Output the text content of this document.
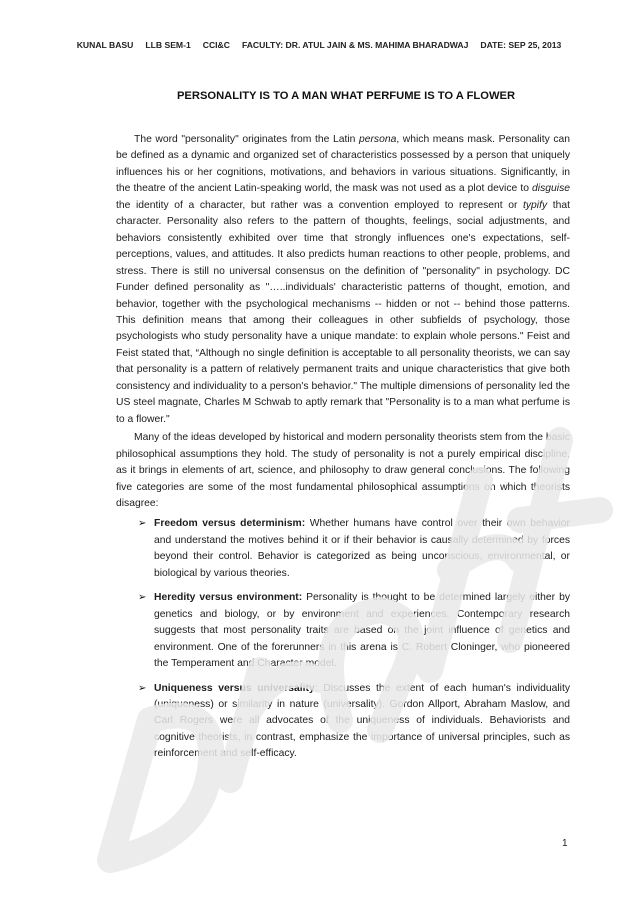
KUNAL BASU LLB SEM-1 CCI&C FACULTY: DR. ATUL JAIN & MS. MAHIMA BHARADWAJ DATE: SEP 25, 2013
PERSONALITY IS TO A MAN WHAT PERFUME IS TO A FLOWER

The word "personality" originates from the Latin persona, which means mask. Personality can be defined as a dynamic and organized set of characteristics possessed by a person that uniquely influences his or her cognitions, motivations, and behaviors in various situations. Significantly, in the theatre of the ancient Latin-speaking world, the mask was not used as a plot device to disguise the identity of a character, but rather was a convention employed to represent or typify that character. Personality also refers to the pattern of thoughts, feelings, social adjustments, and behaviors consistently exhibited over time that strongly influences one's expectations, self-perceptions, values, and attitudes. It also predicts human reactions to other people, problems, and stress. There is still no universal consensus on the definition of "personality" in psychology. DC Funder defined personality as "…..individuals' characteristic patterns of thought, emotion, and behavior, together with the psychological mechanisms -- hidden or not -- behind those patterns. This definition means that among their colleagues in other subfields of psychology, those psychologists who study personality have a unique mandate: to explain whole persons." Feist and Feist stated that, “Although no single definition is acceptable to all personality theorists, we can say that personality is a pattern of relatively permanent traits and unique characteristics that give both consistency and individuality to a person's behavior." The multiple dimensions of personality led the US steel magnate, Charles M Schwab to aptly remark that "Personality is to a man what perfume is to a flower."

Many of the ideas developed by historical and modern personality theorists stem from the basic philosophical assumptions they hold. The study of personality is not a purely empirical discipline, as it brings in elements of art, science, and philosophy to draw general conclusions. The following five categories are some of the most fundamental philosophical assumptions on which theorists disagree:

➢ Freedom versus determinism: Whether humans have control over their own behavior and understand the motives behind it or if their behavior is causally determined by forces beyond their control. Behavior is categorized as being unconscious, environmental, or biological by various theories.
➢ Heredity versus environment: Personality is thought to be determined largely either by genetics and biology, or by environment and experiences. Contemporary research suggests that most personality traits are based on the joint influence of genetics and environment. One of the forerunners in this arena is C. Robert Cloninger, who pioneered the Temperament and Character model.
➢ Uniqueness versus universality: Discusses the extent of each human's individuality (uniqueness) or similarity in nature (universality). Gordon Allport, Abraham Maslow, and Carl Rogers were all advocates of the uniqueness of individuals. Behaviorists and cognitive theorists, in contrast, emphasize the importance of universal principles, such as reinforcement and self-efficacy.
1
